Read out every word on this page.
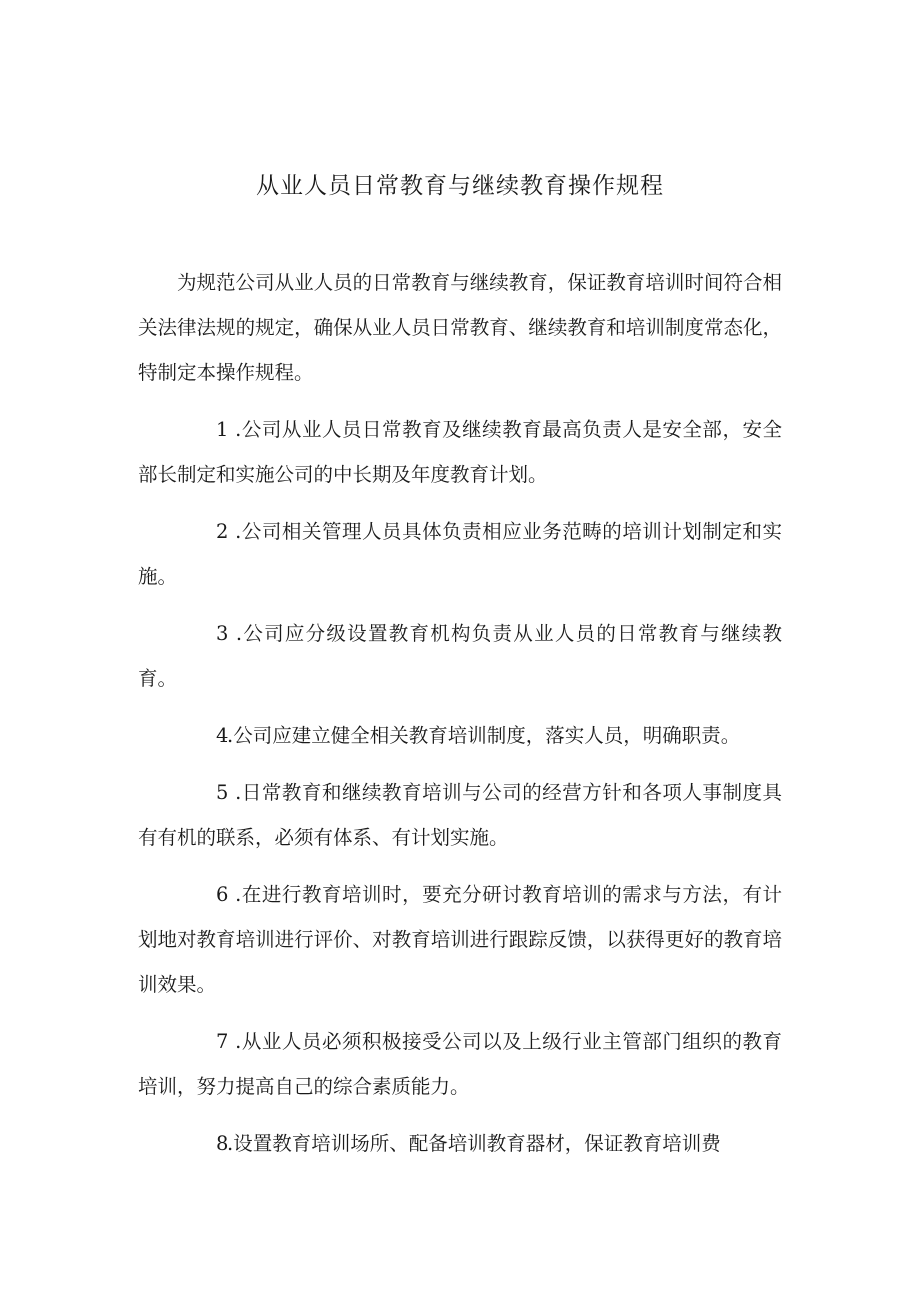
从业人员日常教育与继续教育操作规程

为规范公司从业人员的日常教育与继续教育，保证教育培训时间符合相关法律法规的规定，确保从业人员日常教育、继续教育和培训制度常态化，特制定本操作规程。

1 .公司从业人员日常教育及继续教育最高负责人是安全部，安全部长制定和实施公司的中长期及年度教育计划。

2 .公司相关管理人员具体负责相应业务范畴的培训计划制定和实施。

3 .公司应分级设置教育机构负责从业人员的日常教育与继续教育。

4.公司应建立健全相关教育培训制度，落实人员，明确职责。

5 .日常教育和继续教育培训与公司的经营方针和各项人事制度具有有机的联系，必须有体系、有计划实施。

6 .在进行教育培训时，要充分研讨教育培训的需求与方法，有计划地对教育培训进行评价、对教育培训进行跟踪反馈，以获得更好的教育培训效果。

7 .从业人员必须积极接受公司以及上级行业主管部门组织的教育培训，努力提高自己的综合素质能力。

8.设置教育培训场所、配备培训教育器材，保证教育培训费
